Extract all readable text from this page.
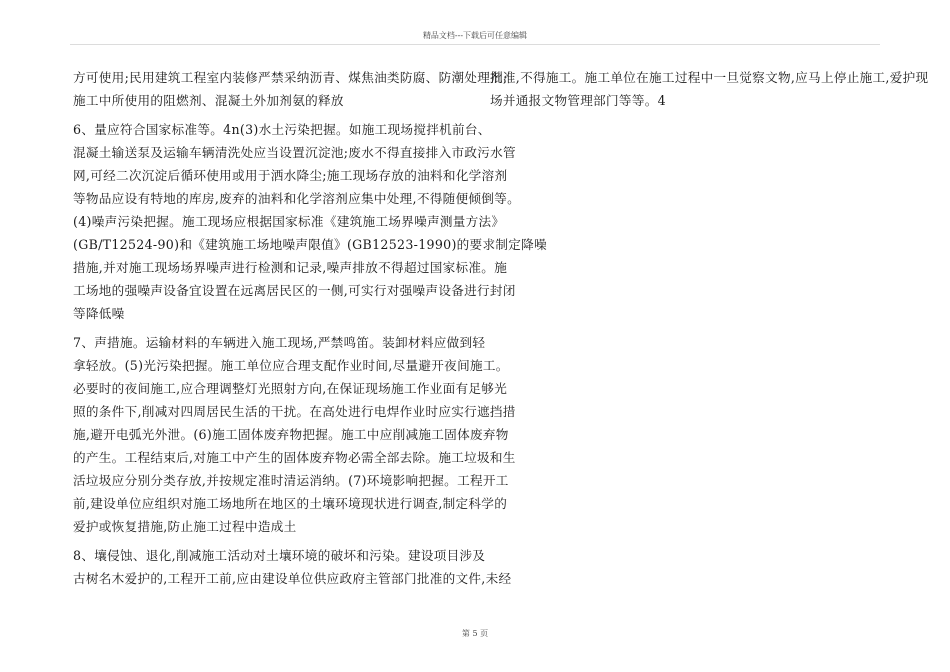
精品文档---下载后可任意编辑
方可使用;民用建筑工程室内装修严禁采纳沥青、煤焦油类防腐、防潮处理剂;
施工中所使用的阻燃剂、混凝土外加剂氨的释放
6、量应符合国家标准等。4n(3)水土污染把握。如施工现场搅拌机前台、
混凝土输送泵及运输车辆清洗处应当设置沉淀池;废水不得直接排入市政污水管
网,可经二次沉淀后循环使用或用于洒水降尘;施工现场存放的油料和化学溶剂
等物品应设有特地的库房,废弃的油料和化学溶剂应集中处理,不得随便倾倒等。
(4)噪声污染把握。施工现场应根据国家标准《建筑施工场界噪声测量方法》
(GB/T12524-90)和《建筑施工场地噪声限值》(GB12523-1990)的要求制定降噪
措施,并对施工现场场界噪声进行检测和记录,噪声排放不得超过国家标准。施
工场地的强噪声设备宜设置在远离居民区的一侧,可实行对强噪声设备进行封闭
等降低噪
7、声措施。运输材料的车辆进入施工现场,严禁鸣笛。装卸材料应做到轻
拿轻放。(5)光污染把握。施工单位应合理支配作业时间,尽量避开夜间施工。
必要时的夜间施工,应合理调整灯光照射方向,在保证现场施工作业面有足够光
照的条件下,削减对四周居民生活的干扰。在高处进行电焊作业时应实行遮挡措
施,避开电弧光外泄。(6)施工固体废弃物把握。施工中应削减施工固体废弃物
的产生。工程结束后,对施工中产生的固体废弃物必需全部去除。施工垃圾和生
活垃圾应分别分类存放,并按规定准时清运消纳。(7)环境影响把握。工程开工
前,建设单位应组织对施工场地所在地区的土壤环境现状进行调查,制定科学的
爱护或恢复措施,防止施工过程中造成土
8、壤侵蚀、退化,削减施工活动对土壤环境的破坏和污染。建设项目涉及
古树名木爱护的,工程开工前,应由建设单位供应政府主管部门批准的文件,未经
批准,不得施工。施工单位在施工过程中一旦觉察文物,应马上停止施工,爱护现
场并通报文物管理部门等等。4
第 5 页
